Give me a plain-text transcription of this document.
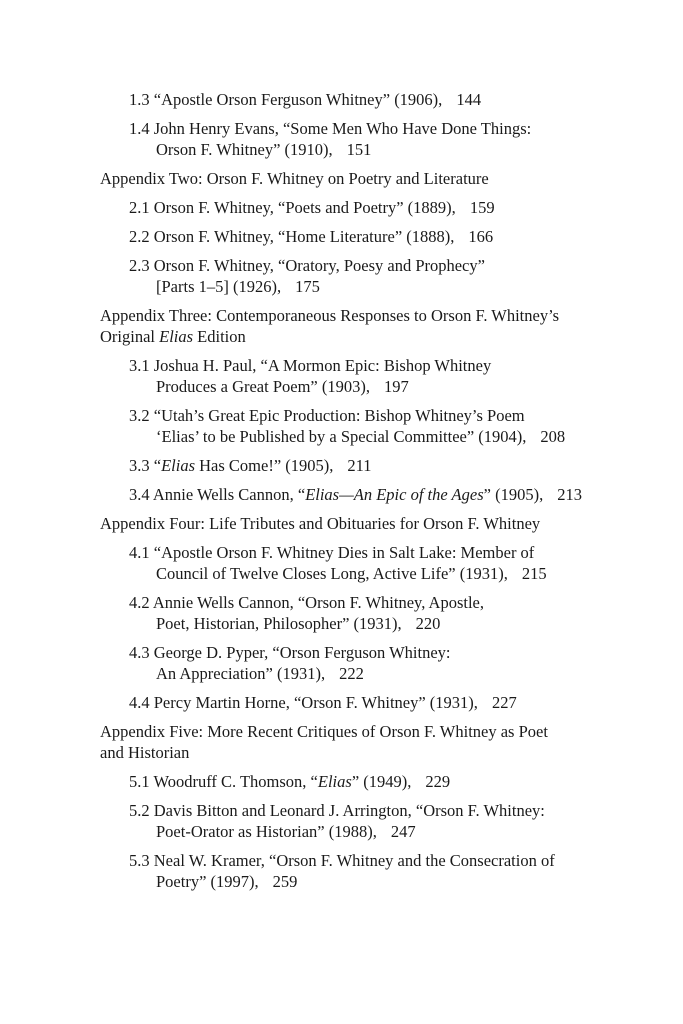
1.3 “Apostle Orson Ferguson Whitney” (1906), 144
1.4 John Henry Evans, “Some Men Who Have Done Things:
Orson F. Whitney” (1910), 151
Appendix Two: Orson F. Whitney on Poetry and Literature
2.1 Orson F. Whitney, “Poets and Poetry” (1889), 159
2.2 Orson F. Whitney, “Home Literature” (1888), 166
2.3 Orson F. Whitney, “Oratory, Poesy and Prophecy”
[Parts 1–5] (1926), 175
Appendix Three: Contemporaneous Responses to Orson F. Whitney’s
Original Elias Edition
3.1 Joshua H. Paul, “A Mormon Epic: Bishop Whitney
Produces a Great Poem” (1903), 197
3.2 “Utah’s Great Epic Production: Bishop Whitney’s Poem
‘Elias’ to be Published by a Special Committee” (1904), 208
3.3 “Elias Has Come!” (1905), 211
3.4 Annie Wells Cannon, “Elias—An Epic of the Ages” (1905), 213
Appendix Four: Life Tributes and Obituaries for Orson F. Whitney
4.1 “Apostle Orson F. Whitney Dies in Salt Lake: Member of
Council of Twelve Closes Long, Active Life” (1931), 215
4.2 Annie Wells Cannon, “Orson F. Whitney, Apostle,
Poet, Historian, Philosopher” (1931), 220
4.3 George D. Pyper, “Orson Ferguson Whitney:
An Appreciation” (1931), 222
4.4 Percy Martin Horne, “Orson F. Whitney” (1931), 227
Appendix Five: More Recent Critiques of Orson F. Whitney as Poet
and Historian
5.1 Woodruff C. Thomson, “Elias” (1949), 229
5.2 Davis Bitton and Leonard J. Arrington, “Orson F. Whitney:
Poet-Orator as Historian” (1988), 247
5.3 Neal W. Kramer, “Orson F. Whitney and the Consecration of
Poetry” (1997), 259
